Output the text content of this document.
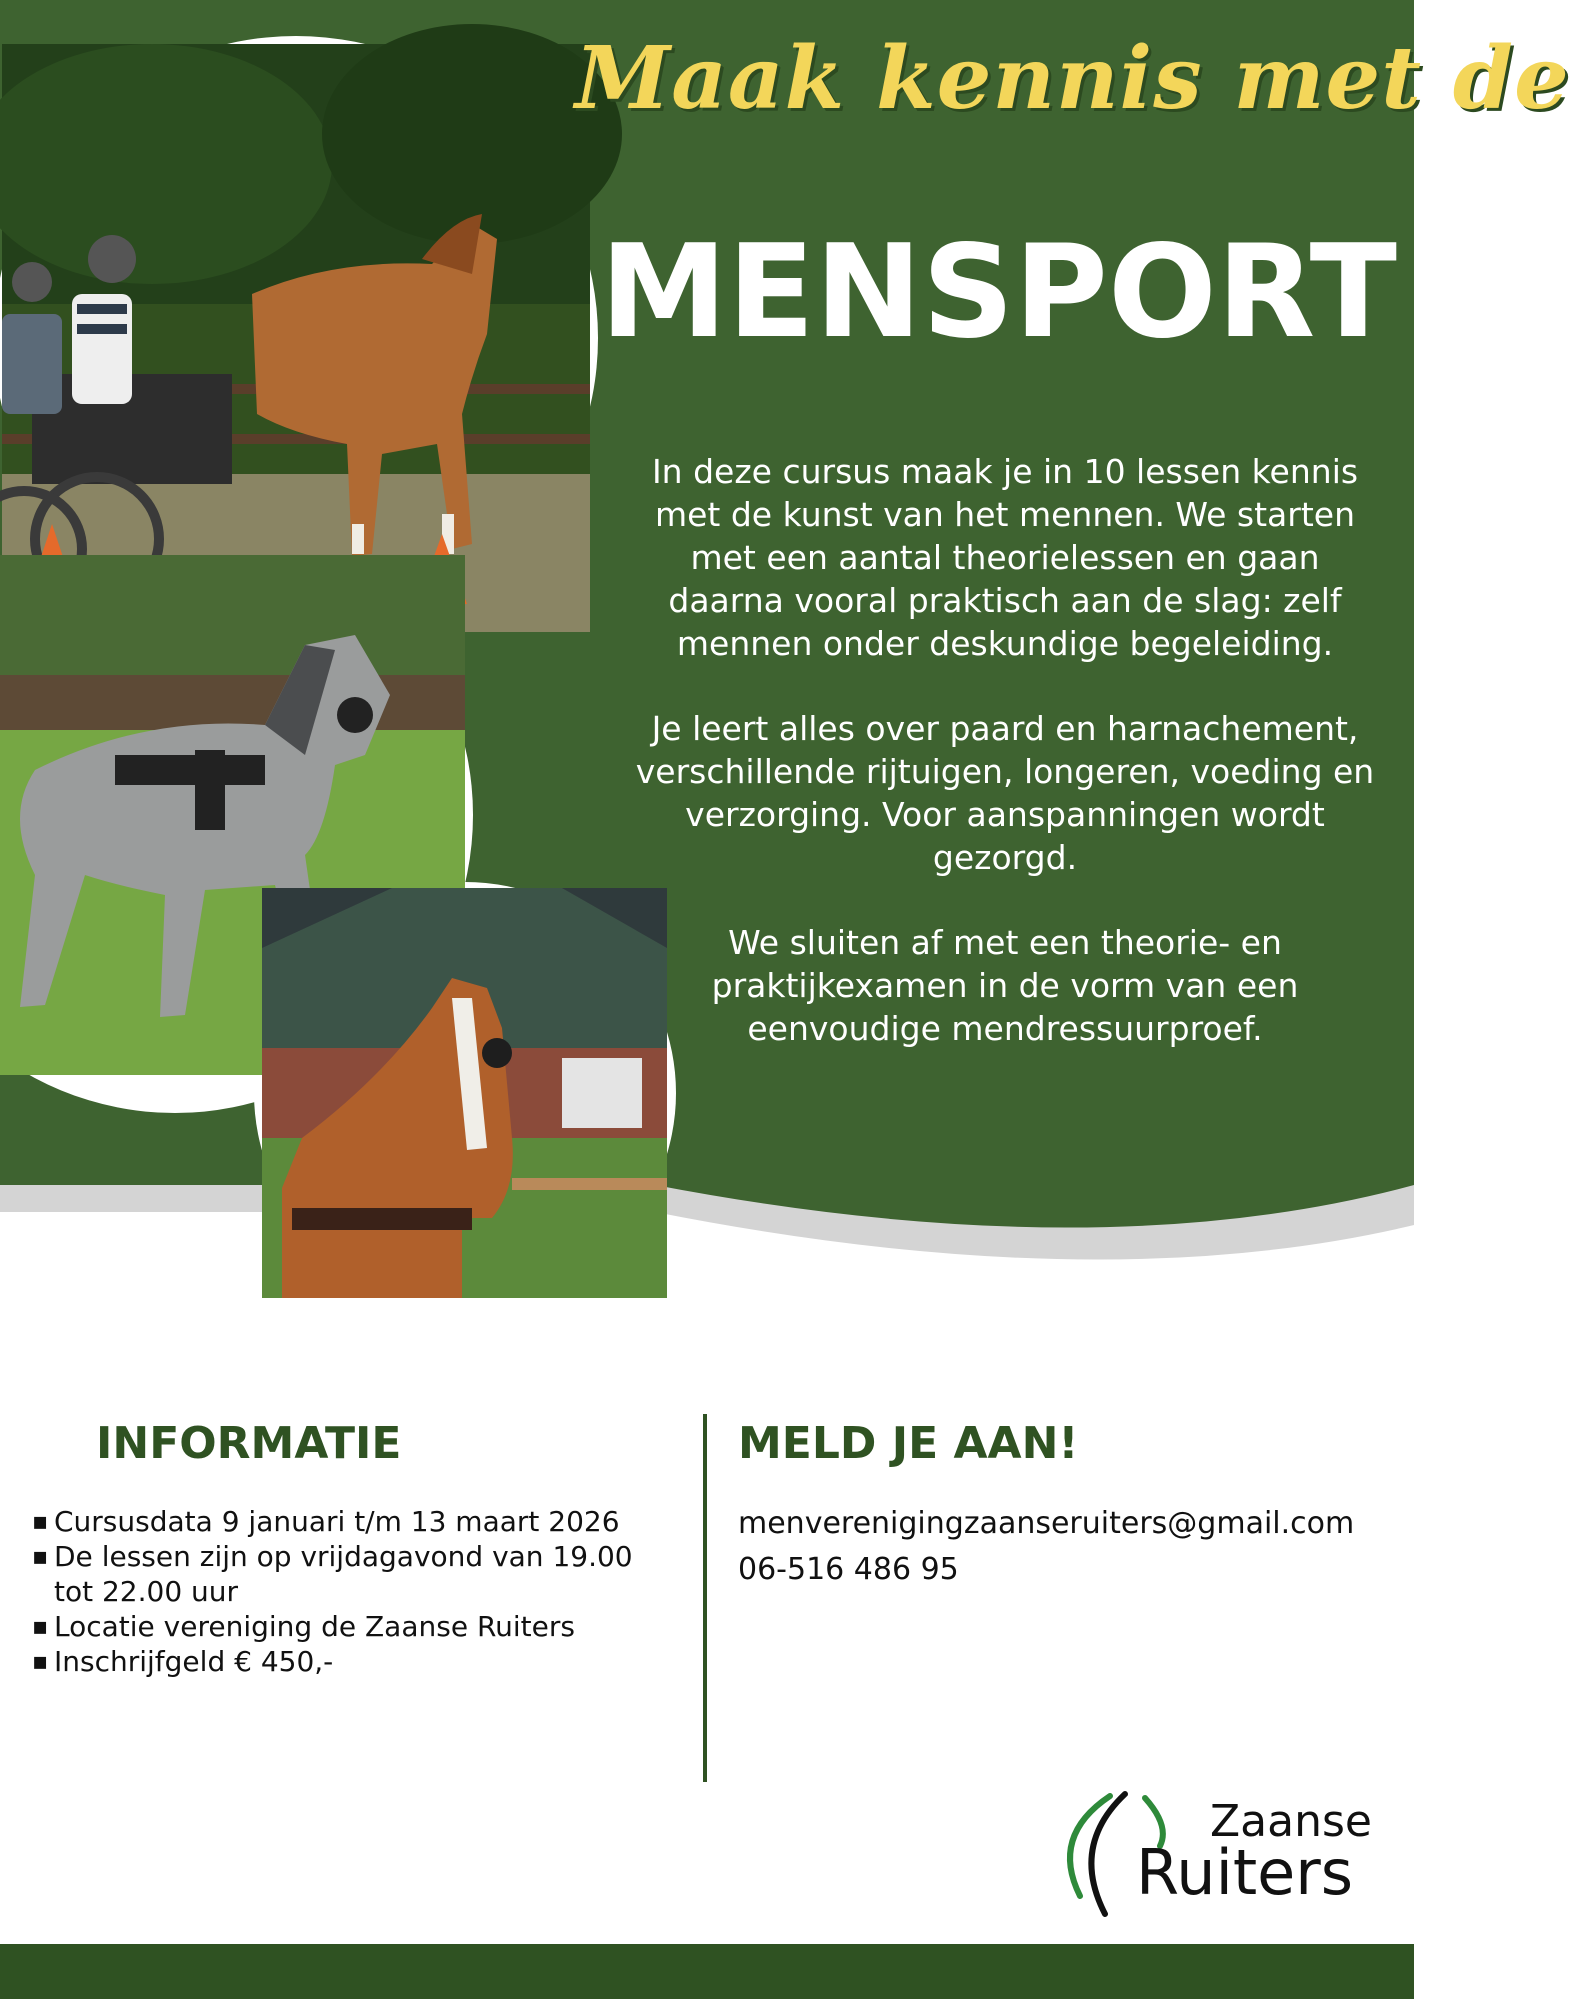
Maak kennis met de
MENSPORT

In deze cursus maak je in 10 lessen kennis met de kunst van het mennen. We starten met een aantal theorielessen en gaan daarna vooral praktisch aan de slag: zelf mennen onder deskundige begeleiding.

Je leert alles over paard en harnachement, verschillende rijtuigen, longeren, voeding en verzorging. Voor aanspanningen wordt gezorgd.

We sluiten af met een theorie- en praktijkexamen in de vorm van een eenvoudige mendressuurproef.

INFORMATIE
▪ Cursusdata 9 januari t/m 13 maart 2026
▪ De lessen zijn op vrijdagavond van 19.00 tot 22.00 uur
▪ Locatie vereniging de Zaanse Ruiters
▪ Inschrijfgeld € 450,-
MELD JE AAN!
menverenigingzaanseruiters@gmail.com
06-516 486 95
Zaanse
Ruiters
